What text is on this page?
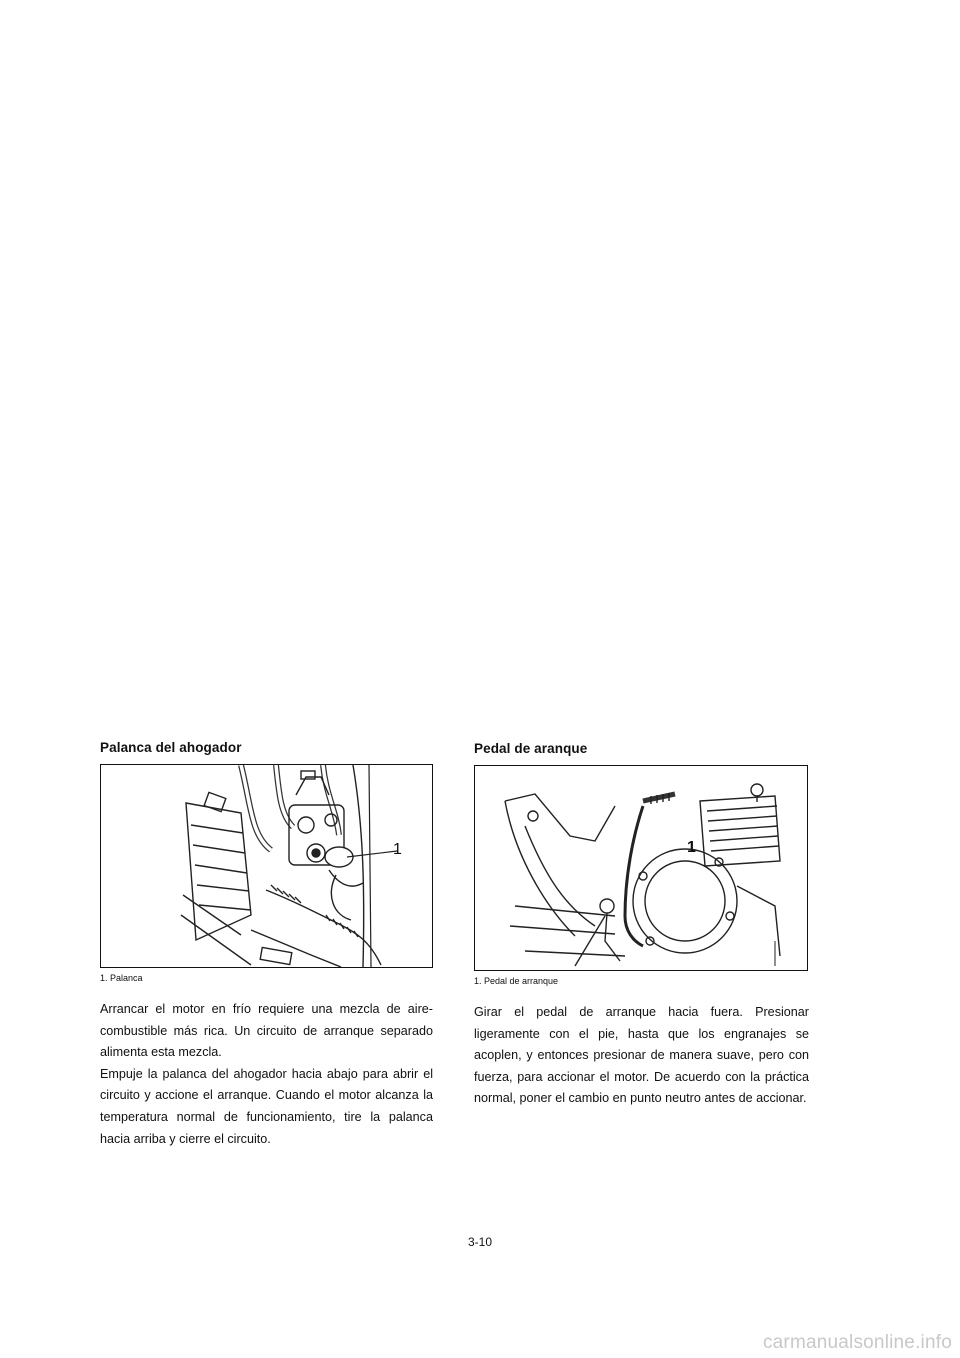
Palanca del ahogador
1
1. Palanca

Arrancar el motor en frío requiere una mezcla de aire-combustible más rica. Un circuito de arranque separado alimenta esta mezcla.

Empuje la palanca del ahogador hacia abajo para abrir el circuito y accione el arranque. Cuando el motor alcanza la temperatura normal de funcionamiento, tire la palanca hacia arriba y cierre el circuito.

Pedal de aranque
1
1. Pedal de arranque

Girar el pedal de arranque hacia fuera. Presionar ligeramente con el pie, hasta que los engranajes se acoplen, y entonces presionar de manera suave, pero con fuerza, para accionar el motor. De acuerdo con la práctica normal, poner el cambio en punto neutro antes de accionar.

3-10
carmanualsonline.info
